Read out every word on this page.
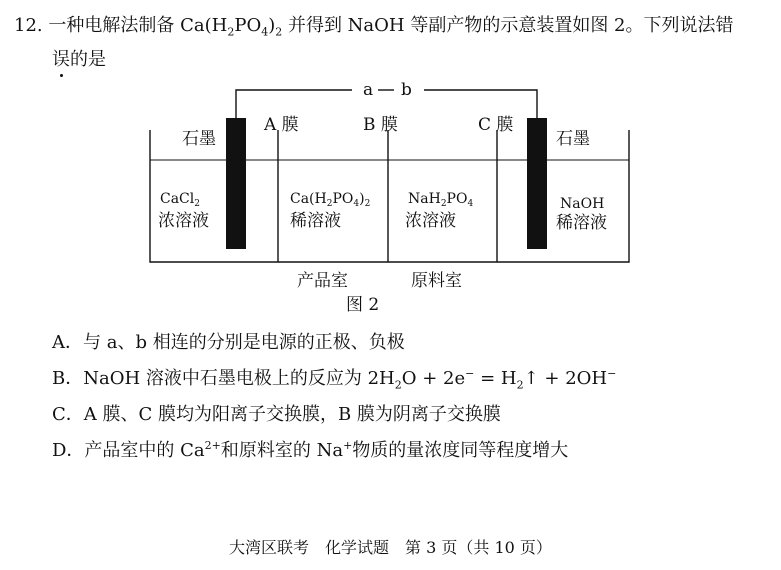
12. 一种电解法制备 $Ca(H_2PO_4)_2$ 并得到 NaOH 等副产物的示意装置如图 2。下列说法错
误的是
a b
石墨
A 膜	B 膜	C 膜
石墨
CaCl$_2$
浓溶液
$Ca(H_2PO_4)_2$
稀溶液
$NaH_2PO_4$
浓溶液
NaOH
稀溶液
产品室	原料室
图 2
A．与 a、b 相连的分别是电源的正极、负极
B．NaOH 溶液中石墨电极上的反应为 $2H_2O + 2e^-$ = $H_2↑ + 2OH^-$
C．A 膜、C 膜均为阳离子交换膜，B 膜为阴离子交换膜
D．产品室中的 $Ca^{2+}$和原料室的 Na+物质的量浓度同等程度增大
大湾区联考　化学试题　第 3 页（共 10 页）
